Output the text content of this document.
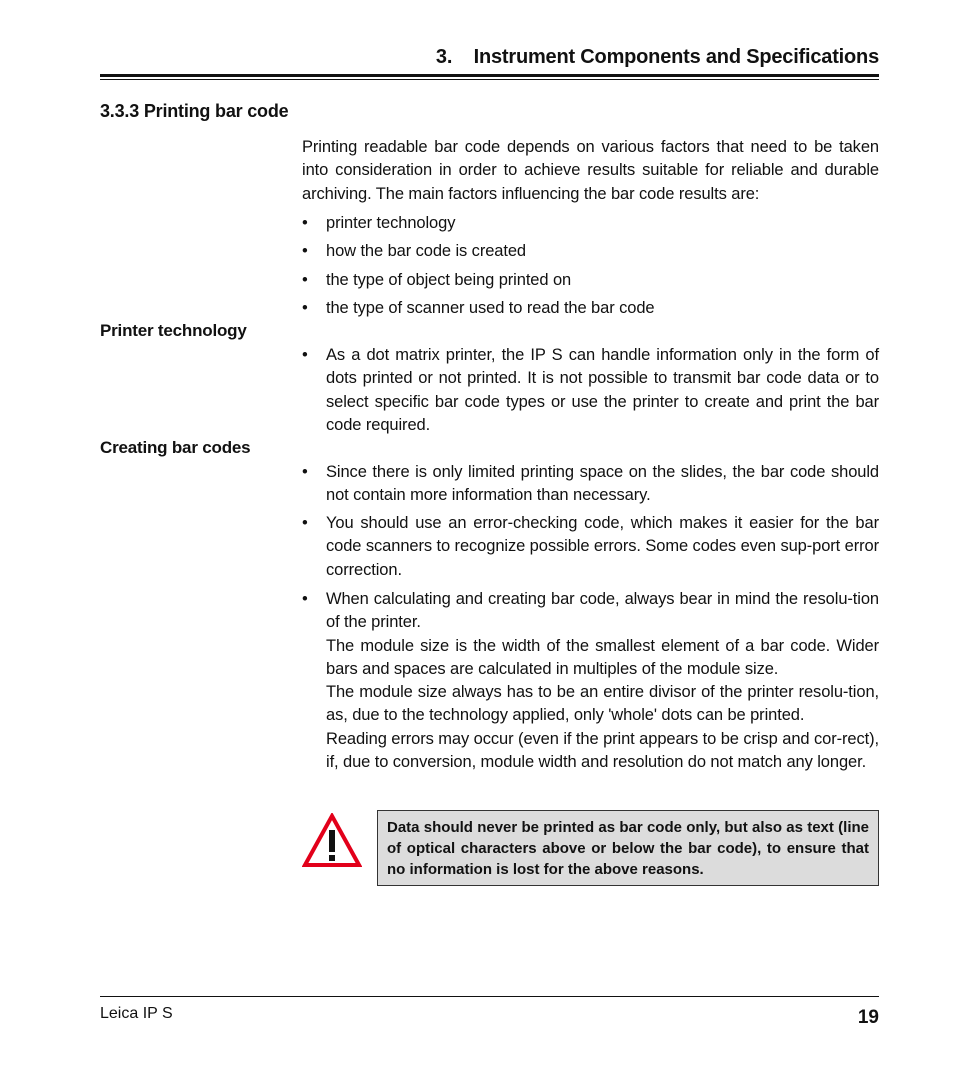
3.    Instrument Components and Specifications
3.3.3 Printing bar code
Printing readable bar code depends on various factors that need to be taken into consideration in order to achieve results suitable for reliable and durable archiving. The main factors influencing the bar code results are:
• printer technology
• how the bar code is created
• the type of object being printed on
• the type of scanner used to read the bar code
Printer technology
• As a dot matrix printer, the IP S can handle information only in the form of dots printed or not printed. It is not possible to transmit bar code data or to select specific bar code types or use the printer to create and print the bar code required.
Creating bar codes
• Since there is only limited printing space on the slides, the bar code should not contain more information than necessary.
• You should use an error-checking code, which makes it easier for the bar code scanners to recognize possible errors. Some codes even sup-port error correction.
• When calculating and creating bar code, always bear in mind the resolu-tion of the printer.

The module size is the width of the smallest element of a bar code. Wider bars and spaces are calculated in multiples of the module size.

The module size always has to be an entire divisor of the printer resolu-tion, as, due to the technology applied, only 'whole' dots can be printed.

Reading errors may occur (even if the print appears to be crisp and cor-rect), if, due to conversion, module width and resolution do not match any longer.

Data should never be printed as bar code only, but also as text (line of optical characters above or below the bar code), to ensure that no information is lost for the above reasons.
Leica IP S	19
